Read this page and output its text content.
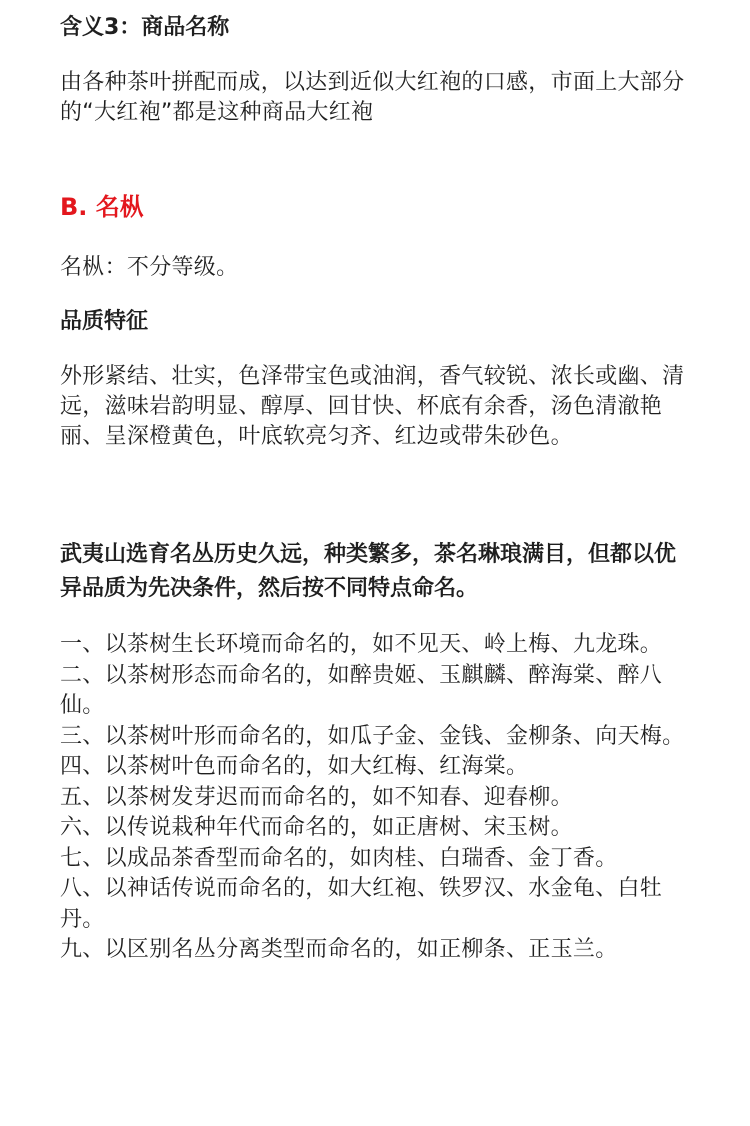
含义3：商品名称

由各种茶叶拼配而成，以达到近似大红袍的口感，市面上大部分的“大红袍”都是这种商品大红袍

B. 名枞

名枞：不分等级。

品质特征

外形紧结、壮实，色泽带宝色或油润，香气较锐、浓长或幽、清远，滋味岩韵明显、醇厚、回甘快、杯底有余香，汤色清澈艳丽、呈深橙黄色，叶底软亮匀齐、红边或带朱砂色。

武夷山选育名丛历史久远，种类繁多，茶名琳琅满目，但都以优异品质为先决条件，然后按不同特点命名。

一、以茶树生长环境而命名的，如不见天、岭上梅、九龙珠。
二、以茶树形态而命名的，如醉贵姬、玉麒麟、醉海棠、醉八仙。
三、以茶树叶形而命名的，如瓜子金、金钱、金柳条、向天梅。
四、以茶树叶色而命名的，如大红梅、红海棠。
五、以茶树发芽迟而而命名的，如不知春、迎春柳。
六、以传说栽种年代而命名的，如正唐树、宋玉树。
七、以成品茶香型而命名的，如肉桂、白瑞香、金丁香。
八、以神话传说而命名的，如大红袍、铁罗汉、水金龟、白牡丹。
九、以区别名丛分离类型而命名的，如正柳条、正玉兰。
